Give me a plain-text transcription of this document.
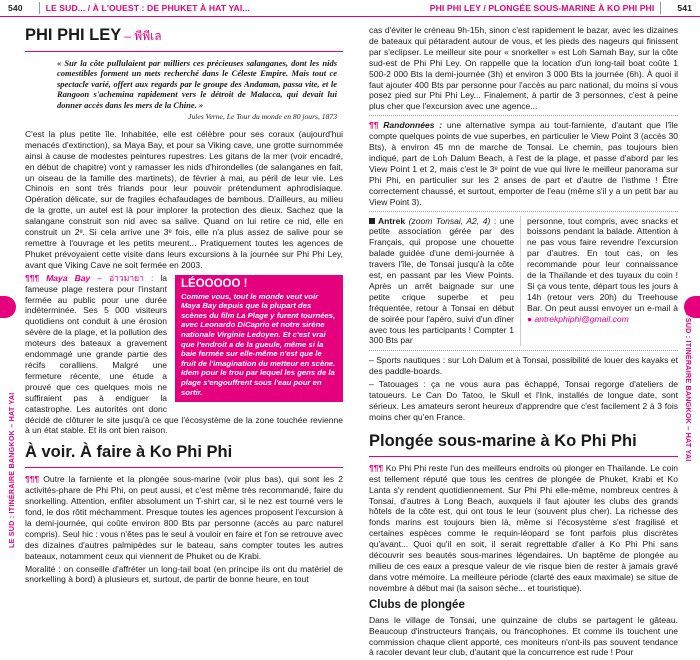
540	LE SUD... / À L'OUEST : DE PHUKET À HAT YAI...	PHI PHI LEY / PLONGÉE SOUS-MARINE À KO PHI PHI	541
LE SUD : ITINÉRAIRE BANGKOK – HAT YAI
LE SUD : ITINÉRAIRE BANGKOK – HAT YAI
PHI PHI LEY – พีพีเล

« Sur la côte pullulaient par milliers ces précieuses salanganes, dont les nids comestibles forment un mets recherché dans le Céleste Empire. Mais tout ce spectacle varié, offert aux regards par le groupe des Andaman, passa vite, et le Rangoon s'achemina rapidement vers le détroit de Malacca, qui devait lui donner accès dans les mers de la Chine. »

Jules Verne, Le Tour du monde en 80 jours, 1873

C'est la plus petite île. Inhabitée, elle est célèbre pour ses coraux (aujourd'hui menacés d'extinction), sa Maya Bay, et pour sa Viking cave, une grotte surnommée ainsi à cause de modestes peintures rupestres. Les gitans de la mer (voir encadré, en début de chapitre) vont y ramasser les nids d'hirondelles (de salanganes en fait, un oiseau de la famille des martinets), de février à mai, au péril de leur vie. Les Chinois en sont très friands pour leur pouvoir prétendument aphrodisiaque. Opération délicate, sur de fragiles échafaudages de bambous. D'ailleurs, au milieu de la grotte, un autel est là pour implorer la protection des dieux. Sachez que la salangane construit son nid avec sa salive. Quand on lui retire ce nid, elle en construit un 2ᵉ. Si cela arrive une 3ᵉ fois, elle n'a plus assez de salive pour se remettre à l'ouvrage et les petits meurent... Pratiquement toutes les agences de Phuket prévoyaient cette visite dans leurs excursions à la journée sur Phi Phi Ley, avant que Viking Cave ne soit fermée en 2003.

LÉOOOOO !
Comme vous, tout le monde veut voir Maya Bay depuis que la plupart des scènes du film La Plage y furent tournées, avec Leonardo DiCaprio et notre sirène nationale Virginie Ledoyen. Et c'est vrai que l'endroit a de la gueule, même si la baie fermée sur elle-même n'est que le fruit de l'imagination du metteur en scène. Idem pour le trou par lequel les gens de la plage s'engouffrent sous l'eau pour en sortir.

¶¶¶ Maya Bay – อ่าวมายา : la fameuse plage restera pour l'instant fermée au public pour une durée indéterminée. Ses 5 000 visiteurs quotidiens ont conduit à une érosion sévère de la plage, et la pollution des moteurs des bateaux a gravement endommagé une grande partie des récifs coralliens. Malgré une fermeture récente, une étude a prouvé que ces quelques mois ne suffiraient pas à endiguer la catastrophe. Les autorités ont donc décidé de clôturer le site jusqu'à ce que l'écosystème de la zone touchée revienne à un état stable. Et ils ont bien raison.

À voir. À faire à Ko Phi Phi

¶¶¶ Outre la farniente et la plongée sous-marine (voir plus bas), qui sont les 2 activités-phare de Phi Phi, on peut aussi, et c'est même très recommandé, faire du snorkelling. Attention, enfiler absolument un T-shirt car, si le nez est tourné vers le fond, le dos rôtit méchamment. Presque toutes les agences proposent l'excursion à la demi-journée, qui coûte environ 800 Bts par personne (accès au parc naturel compris). Seul hic : vous n'êtes pas le seul à vouloir en faire et l'on se retrouve avec des dizaines d'autres palmipèdes sur le bateau, sans compter toutes les autres bateaux, notamment ceux qui viennent de Phuket ou de Krabi.

Moralité : on conseille d'affréter un long-tail boat (en principe ils ont du matériel de snorkelling à bord) à plusieurs et, surtout, de partir de bonne heure, en tout

cas d'éviter le créneau 9h-15h, sinon c'est rapidement le bazar, avec les dizaines de bateaux qui pétaradent autour de vous, et les pieds des nageurs qui finissent par s'eclipser. Le meilleur site pour « snorkeller » est Loh Samah Bay, sur la côte sud-est de Phi Phi Ley. On rappelle que la location d'un long-tail boat coûte 1 500-2 000 Bts la demi-journée (3h) et environ 3 000 Bts la journée (6h). À quoi il faut ajouter 400 Bts par personne pour l'accès au parc national, du moins si vous posez pied sur Phi Phi Ley... Finalement, à partir de 3 personnes, c'est à peine plus cher que l'excursion avec une agence...

¶¶ Randonnées : une alternative sympa au tout-farniente, d'autant que l'île compte quelques points de vue superbes, en particulier le View Point 3 (accès 30 Bts), à environ 45 mn de marche de Tonsai. Le chemin, pas toujours bien indiqué, part de Loh Dalum Beach, à l'est de la plage, et passe d'abord par les View Point 1 et 2, mais c'est le 3ᵉ point de vue qui livre le meilleur panorama sur Phi Phi, en particulier sur les 2 anses de part et d'autre de l'isthme ! Être correctement chaussé, et surtout, emporter de l'eau (même s'il y a un petit bar au View Point 3).

Antrek (zoom Tonsai, A2, 4) : une petite association gérée par des Français, qui propose une chouette balade guidée d'une demi-journée à travers l'île, de Tonsai jusqu'à la côte est, en passant par les View Points. Après un arrêt baignade sur une petite crique superbe et peu fréquentée, retour à Tonsai en début de soirée pour l'apéro, suivi d'un dîner avec tous les participants ! Compter 1 300 Bts par
personne, tout compris, avec snacks et boissons pendant la balade. Attention à ne pas vous faire revendre l'excursion par d'autres. En tout cas, on les recommande pour leur connaissance de la Thaïlande et des tuyaux du coin ! Si ça vous tente, départ tous les jours à 14h (retour vers 20h) du Treehouse Bar. On peut aussi envoyer un e-mail à ● antrekphiphi@gmail.com

– Sports nautiques : sur Loh Dalum et à Tonsai, possibilité de louer des kayaks et des paddle-boards.

– Tatouages : ça ne vous aura pas échappé, Tonsai regorge d'ateliers de tatoueurs. Le Can Do Tatoo, le Skull et l'Ink, installés de longue date, sont sérieux. Les amateurs seront heureux d'apprendre que c'est facilement 2 à 3 fois moins cher qu'en France.

Plongée sous-marine à Ko Phi Phi

¶¶¶ Ko Phi Phi reste l'un des meilleurs endroits où plonger en Thaïlande. Le coin est tellement réputé que tous les centres de plongée de Phuket, Krabi et Ko Lanta s'y rendent quotidiennement. Sur Phi Phi elle-même, nombreux centres à Tonsai, d'autres à Long Beach, auxquels il faut ajouter les clubs des grands hôtels de la côte est, qui ont tous le leur (souvent plus cher). La richesse des fonds marins est toujours bien là, même si l'écosystème s'est fragilisé et certaines espèces comme le requin-léopard se font parfois plus discrètes qu'avant... Quoi qu'il en soit, il serait regrettable d'aller à Ko Phi Phi sans découvrir ses beautés sous-marines légendaires. Un baptême de plongée au milieu de ces eaux a presque valeur de vie risque bien de rester à jamais gravé dans votre mémoire. La meilleure période (clarté des eaux maximale) se situe de novembre à début mai (la saison sèche... et touristique).

Clubs de plongée

Dans le village de Tonsai, une quinzaine de clubs se partagent le gâteau. Beaucoup d'instructeurs français, ou francophones. Et comme ils touchent une commission chaque client apporté, ces moniteurs n'ont-ils pas souvent tendance à racoler devant leur club, d'autant que la concurrence est rude ! Pour
